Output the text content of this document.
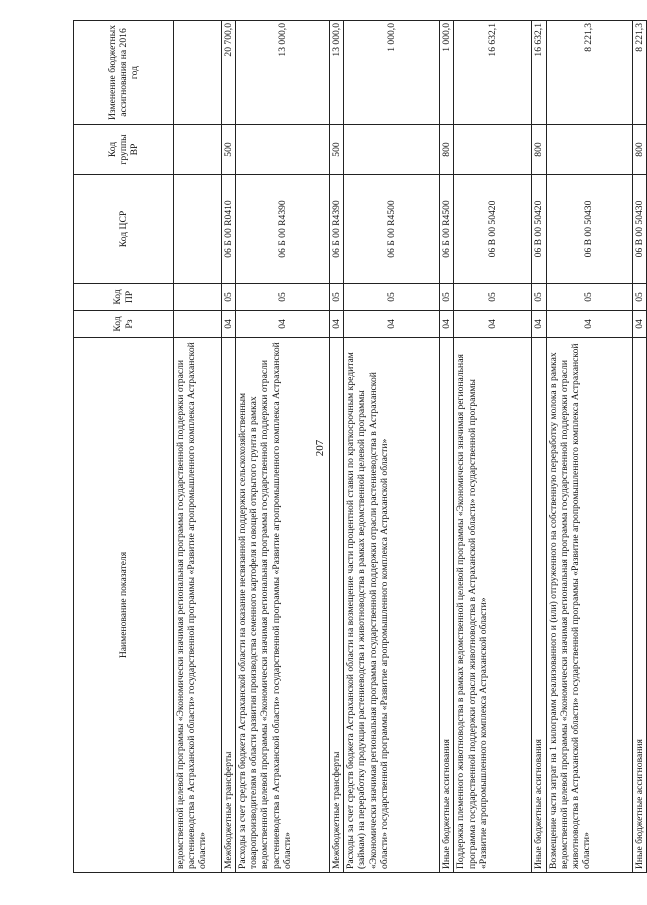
207
Наименование показателя	Код Рз	Код ПР	Код ЦСР	Код группы ВР	Изменение бюджетных ассигнования на 2016 год
ведомственной целевой программы «Экономически значимая региональная программа государственной поддержки отрасли растениеводства в Астраханской области» государственной программы «Развитие агропромышленного комплекса Астраханской области»					
Межбюджетные трансферты	04	05	06 Б 00 R0410	500	20 700,0
Расходы за счет средств бюджета Астраханской области на оказание несвязанной поддержки сельскохозяйственным товаропроизводителям в области развития производства семенного картофеля и овощей открытого грунта в рамках ведомственной целевой программы «Экономически значимая региональная программа государственной поддержки отрасли растениеводства в Астраханской области» государственной программы «Развитие агропромышленного комплекса Астраханской области»	04	05	06 Б 00 R4390		13 000,0
Межбюджетные трансферты	04	05	06 Б 00 R4390	500	13 000,0
Расходы за счет средств бюджета Астраханской области на возмещение части процентной ставки по краткосрочным кредитам (займам) на переработку продукции растениеводства и животноводства в рамках ведомственной целевой программы «Экономически значимая региональная программа государственной поддержки отрасли растениеводства в Астраханской области» государственной программы «Развитие агропромышленного комплекса Астраханской области»	04	05	06 Б 00 R4500		1 000,0
Иные бюджетные ассигнования	04	05	06 Б 00 R4500	800	1 000,0
Поддержка племенного животноводства в рамках ведомственной целевой программы «Экономически значимая региональная программа государственной поддержки отрасли животноводства в Астраханской области» государственной программы «Развитие агропромышленного комплекса Астраханской области»	04	05	06 В 00 50420		16 632,1
Иные бюджетные ассигнования	04	05	06 В 00 50420	800	16 632,1
Возмещение части затрат на 1 килограмм реализованного и (или) отгруженного на собственную переработку молока в рамках ведомственной целевой программы «Экономически значимая региональная программа государственной поддержки отрасли животноводства в Астраханской области» государственной программы «Развитие агропромышленного комплекса Астраханской области»	04	05	06 В 00 50430		8 221,3
Иные бюджетные ассигнования	04	05	06 В 00 50430	800	8 221,3
